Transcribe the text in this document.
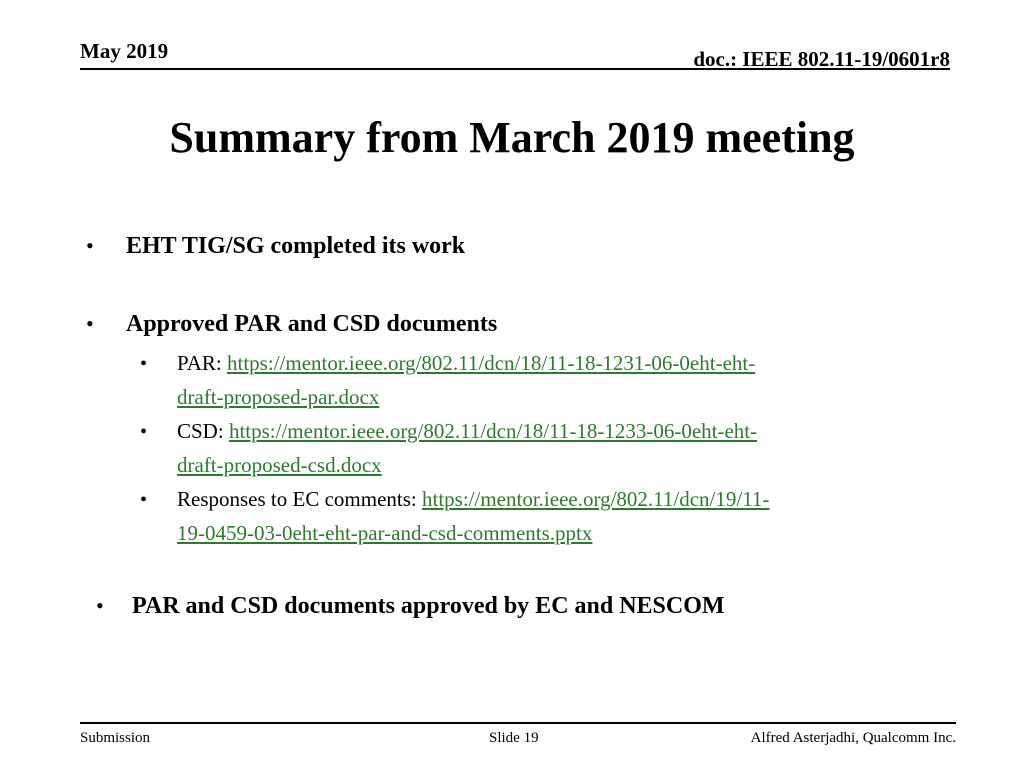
May 2019	doc.: IEEE 802.11-19/0601r8
Summary from March 2019 meeting
• EHT TIG/SG completed its work
• Approved PAR and CSD documents
•	PAR: https://mentor.ieee.org/802.11/dcn/18/11-18-1231-06-0eht-eht-
draft-proposed-par.docx
•	CSD: https://mentor.ieee.org/802.11/dcn/18/11-18-1233-06-0eht-eht-
draft-proposed-csd.docx
•	Responses to EC comments: https://mentor.ieee.org/802.11/dcn/19/11-
19-0459-03-0eht-eht-par-and-csd-comments.pptx
• PAR and CSD documents approved by EC and NESCOM
Submission	Slide 19	Alfred Asterjadhi, Qualcomm Inc.
